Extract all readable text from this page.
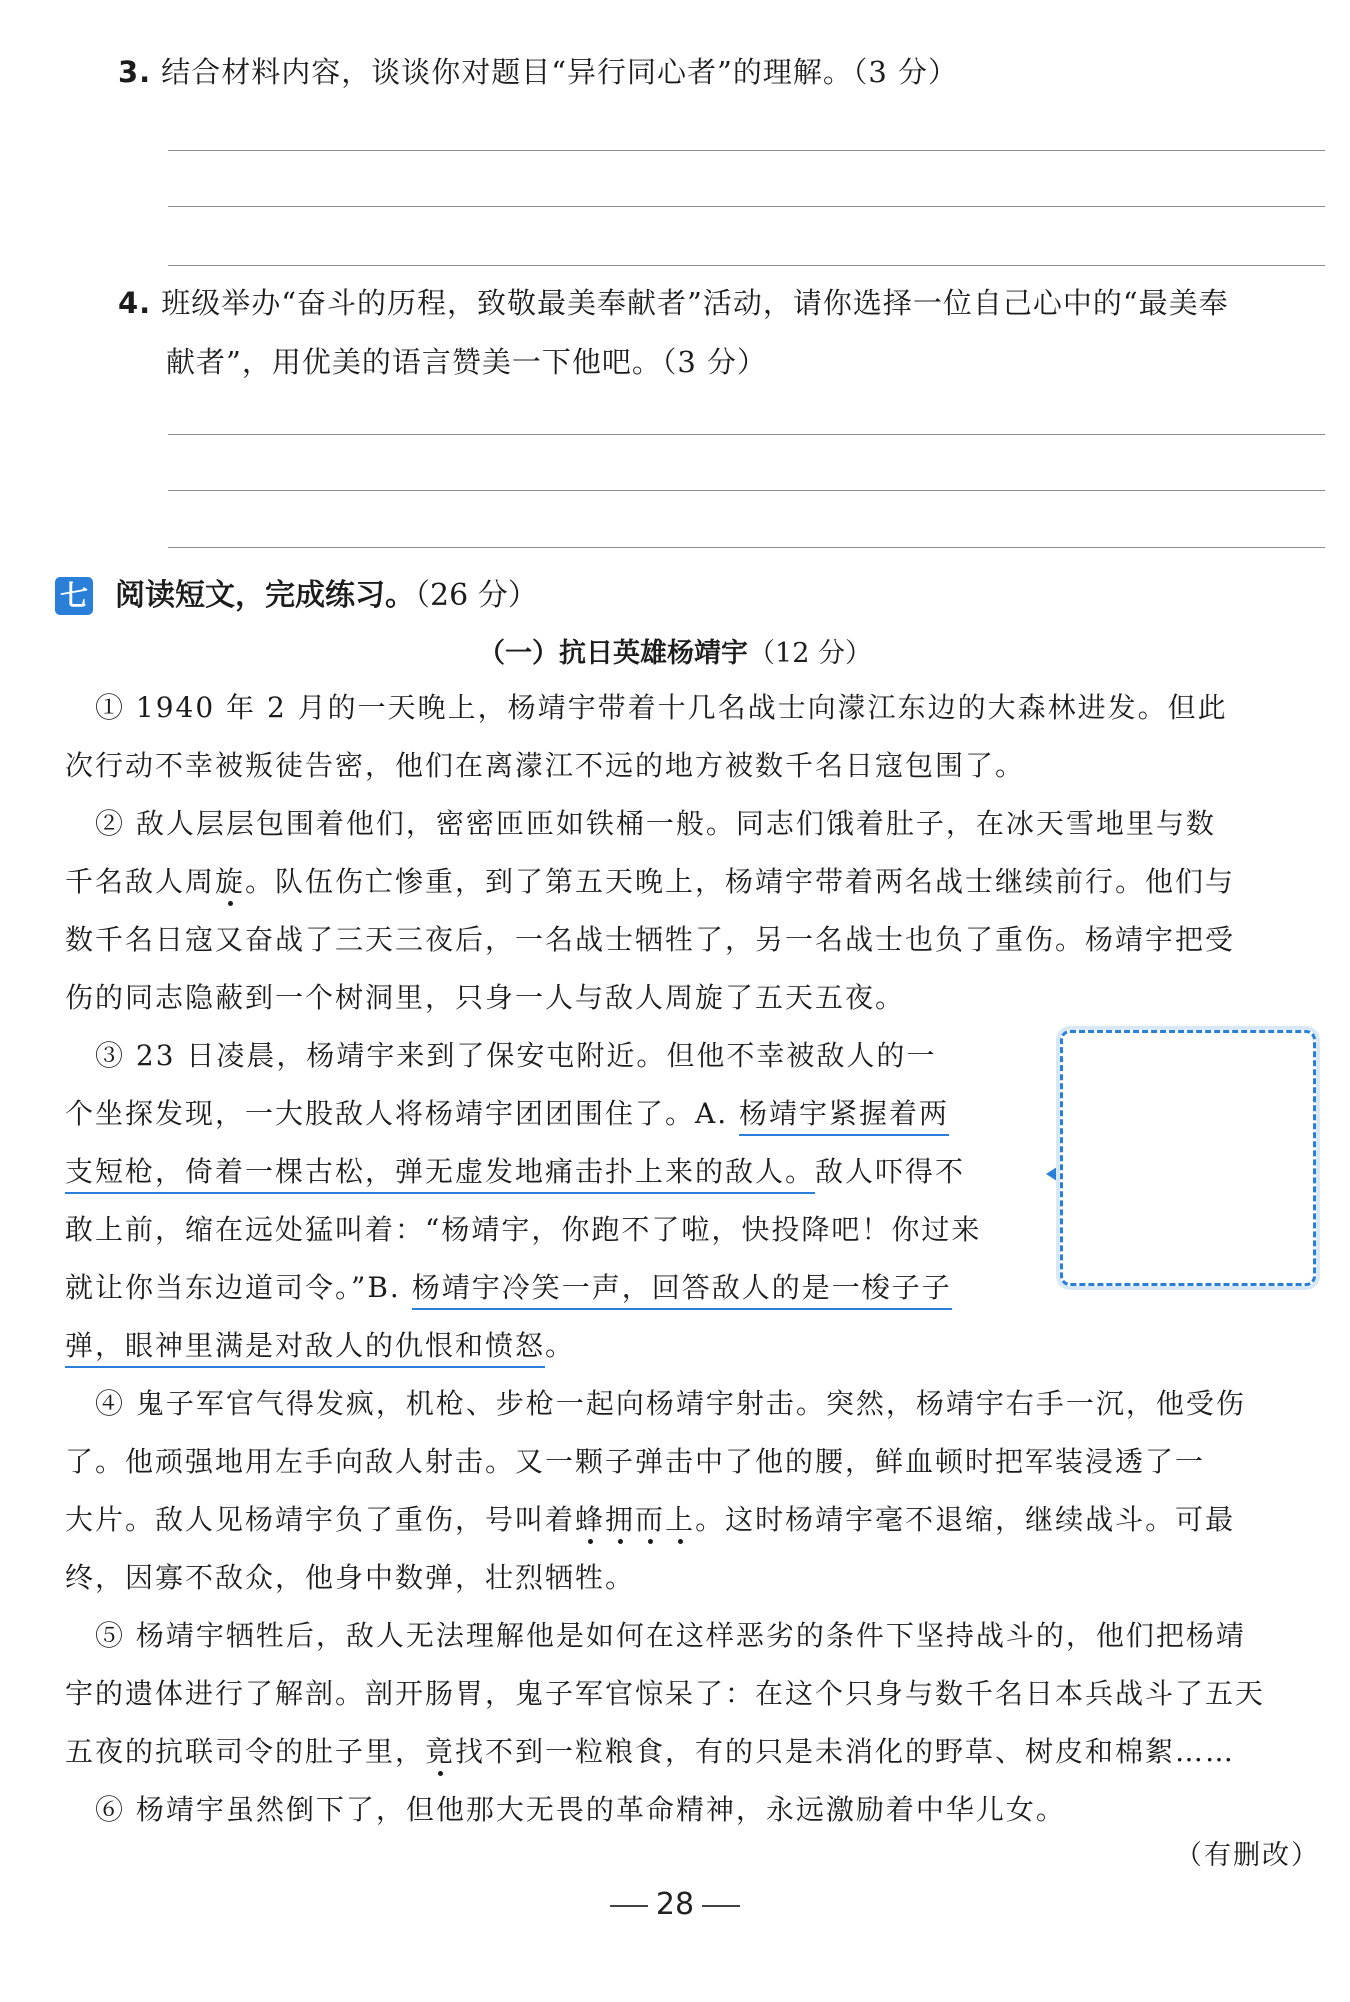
3. 结合材料内容，谈谈你对题目“异行同心者”的理解。（3 分）
4. 班级举办“奋斗的历程，致敬最美奉献者”活动，请你选择一位自己心中的“最美奉
献者”，用优美的语言赞美一下他吧。（3 分）
七 阅读短文，完成练习。（26 分）
（一）抗日英雄杨靖宇（12 分）
① 1940 年 2 月的一天晚上，杨靖宇带着十几名战士向濛江东边的大森林进发。但此
次行动不幸被叛徒告密，他们在离濛江不远的地方被数千名日寇包围了。
② 敌人层层包围着他们，密密匝匝如铁桶一般。同志们饿着肚子，在冰天雪地里与数
千名敌人周旋。队伍伤亡惨重，到了第五天晚上，杨靖宇带着两名战士继续前行。他们与
数千名日寇又奋战了三天三夜后，一名战士牺牲了，另一名战士也负了重伤。杨靖宇把受
伤的同志隐蔽到一个树洞里，只身一人与敌人周旋了五天五夜。
③ 23 日凌晨，杨靖宇来到了保安屯附近。但他不幸被敌人的一
个坐探发现，一大股敌人将杨靖宇团团围住了。A. 杨靖宇紧握着两
支短枪，倚着一棵古松，弹无虚发地痛击扑上来的敌人。敌人吓得不
敢上前，缩在远处猛叫着：“杨靖宇，你跑不了啦，快投降吧！你过来
就让你当东边道司令。”B. 杨靖宇冷笑一声，回答敌人的是一梭子子
弹，眼神里满是对敌人的仇恨和愤怒。
④ 鬼子军官气得发疯，机枪、步枪一起向杨靖宇射击。突然，杨靖宇右手一沉，他受伤
了。他顽强地用左手向敌人射击。又一颗子弹击中了他的腰，鲜血顿时把军装浸透了一
大片。敌人见杨靖宇负了重伤，号叫着蜂拥而上。这时杨靖宇毫不退缩，继续战斗。可最
终，因寡不敌众，他身中数弹，壮烈牺牲。
⑤ 杨靖宇牺牲后，敌人无法理解他是如何在这样恶劣的条件下坚持战斗的，他们把杨靖
宇的遗体进行了解剖。剖开肠胃，鬼子军官惊呆了：在这个只身与数千名日本兵战斗了五天
五夜的抗联司令的肚子里，竟找不到一粒粮食，有的只是未消化的野草、树皮和棉絮……
⑥ 杨靖宇虽然倒下了，但他那大无畏的革命精神，永远激励着中华儿女。
（有删改）
28
